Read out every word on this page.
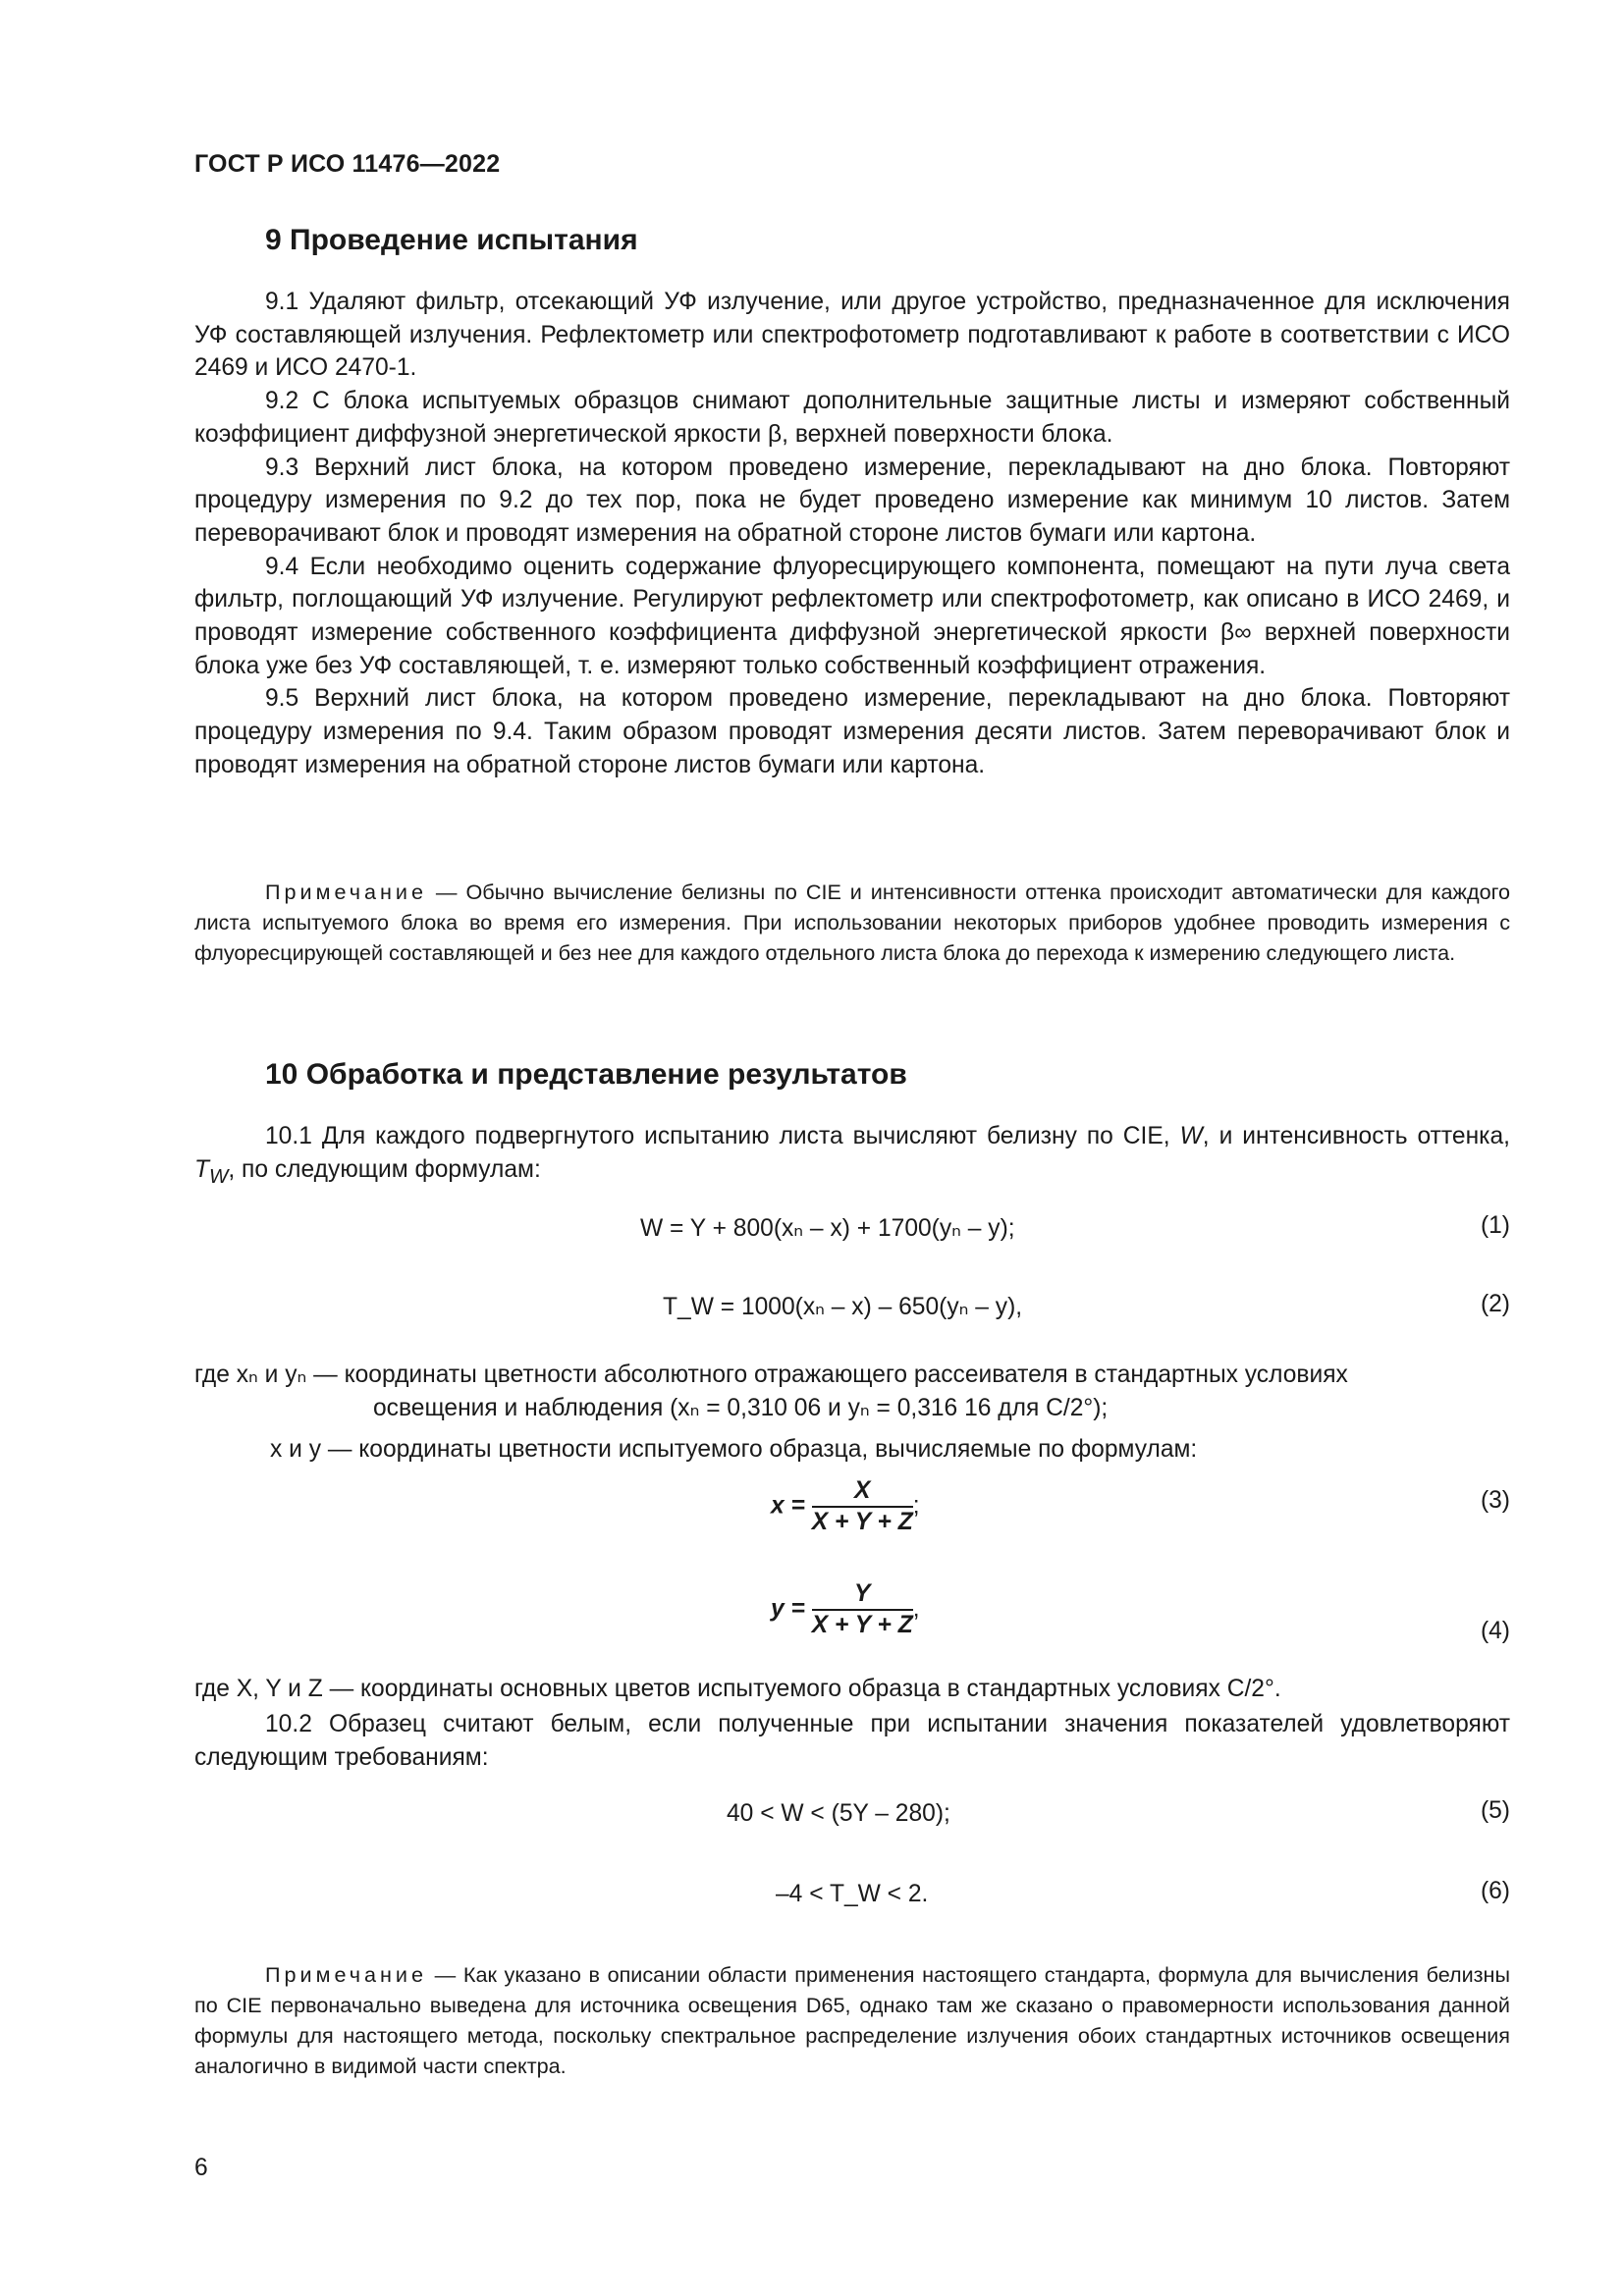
ГОСТ Р ИСО 11476—2022
9 Проведение испытания

9.1 Удаляют фильтр, отсекающий УФ излучение, или другое устройство, предназначенное для исключения УФ составляющей излучения. Рефлектометр или спектрофотометр подготавливают к работе в соответствии с ИСО 2469 и ИСО 2470-1.

9.2 С блока испытуемых образцов снимают дополнительные защитные листы и измеряют собственный коэффициент диффузной энергетической яркости β, верхней поверхности блока.

9.3 Верхний лист блока, на котором проведено измерение, перекладывают на дно блока. Повторяют процедуру измерения по 9.2 до тех пор, пока не будет проведено измерение как минимум 10 листов. Затем переворачивают блок и проводят измерения на обратной стороне листов бумаги или картона.

9.4 Если необходимо оценить содержание флуоресцирующего компонента, помещают на пути луча света фильтр, поглощающий УФ излучение. Регулируют рефлектометр или спектрофотометр, как описано в ИСО 2469, и проводят измерение собственного коэффициента диффузной энергетической яркости β∞ верхней поверхности блока уже без УФ составляющей, т. е. измеряют только собственный коэффициент отражения.

9.5 Верхний лист блока, на котором проведено измерение, перекладывают на дно блока. Повторяют процедуру измерения по 9.4. Таким образом проводят измерения десяти листов. Затем переворачивают блок и проводят измерения на обратной стороне листов бумаги или картона.

Примечание — Обычно вычисление белизны по CIE и интенсивности оттенка происходит автоматически для каждого листа испытуемого блока во время его измерения. При использовании некоторых приборов удобнее проводить измерения с флуоресцирующей составляющей и без нее для каждого отдельного листа блока до перехода к измерению следующего листа.

10 Обработка и представление результатов

10.1 Для каждого подвергнутого испытанию листа вычисляют белизну по CIE, W, и интенсивность оттенка, $T_W$, по следующим формулам:

W = Y + 800(xₙ – x) + 1700(yₙ – y);	(1)
T_W = 1000(xₙ – x) – 650(yₙ – y),	(2)
где xₙ и yₙ — координаты цветности абсолютного отражающего рассеивателя в стандартных условиях
освещения и наблюдения (xₙ = 0,310 06 и yₙ = 0,316 16 для C/2°);
x и y — координаты цветности испытуемого образца, вычисляемые по формулам:
$x = \frac{X}{X + Y + Z}$ ;	(3)
$y = \frac{Y}{X + Y + Z}$ ,
(4)
где X, Y и Z — координаты основных цветов испытуемого образца в стандартных условиях C/2°.

10.2 Образец считают белым, если полученные при испытании значения показателей удовлетворяют следующим требованиям:

40 < W < (5Y – 280);	(5)
–4 < T_W < 2.	(6)

Примечание — Как указано в описании области применения настоящего стандарта, формула для вычисления белизны по CIE первоначально выведена для источника освещения D65, однако там же сказано о правомерности использования данной формулы для настоящего метода, поскольку спектральное распределение излучения обоих стандартных источников освещения аналогично в видимой части спектра.

6
